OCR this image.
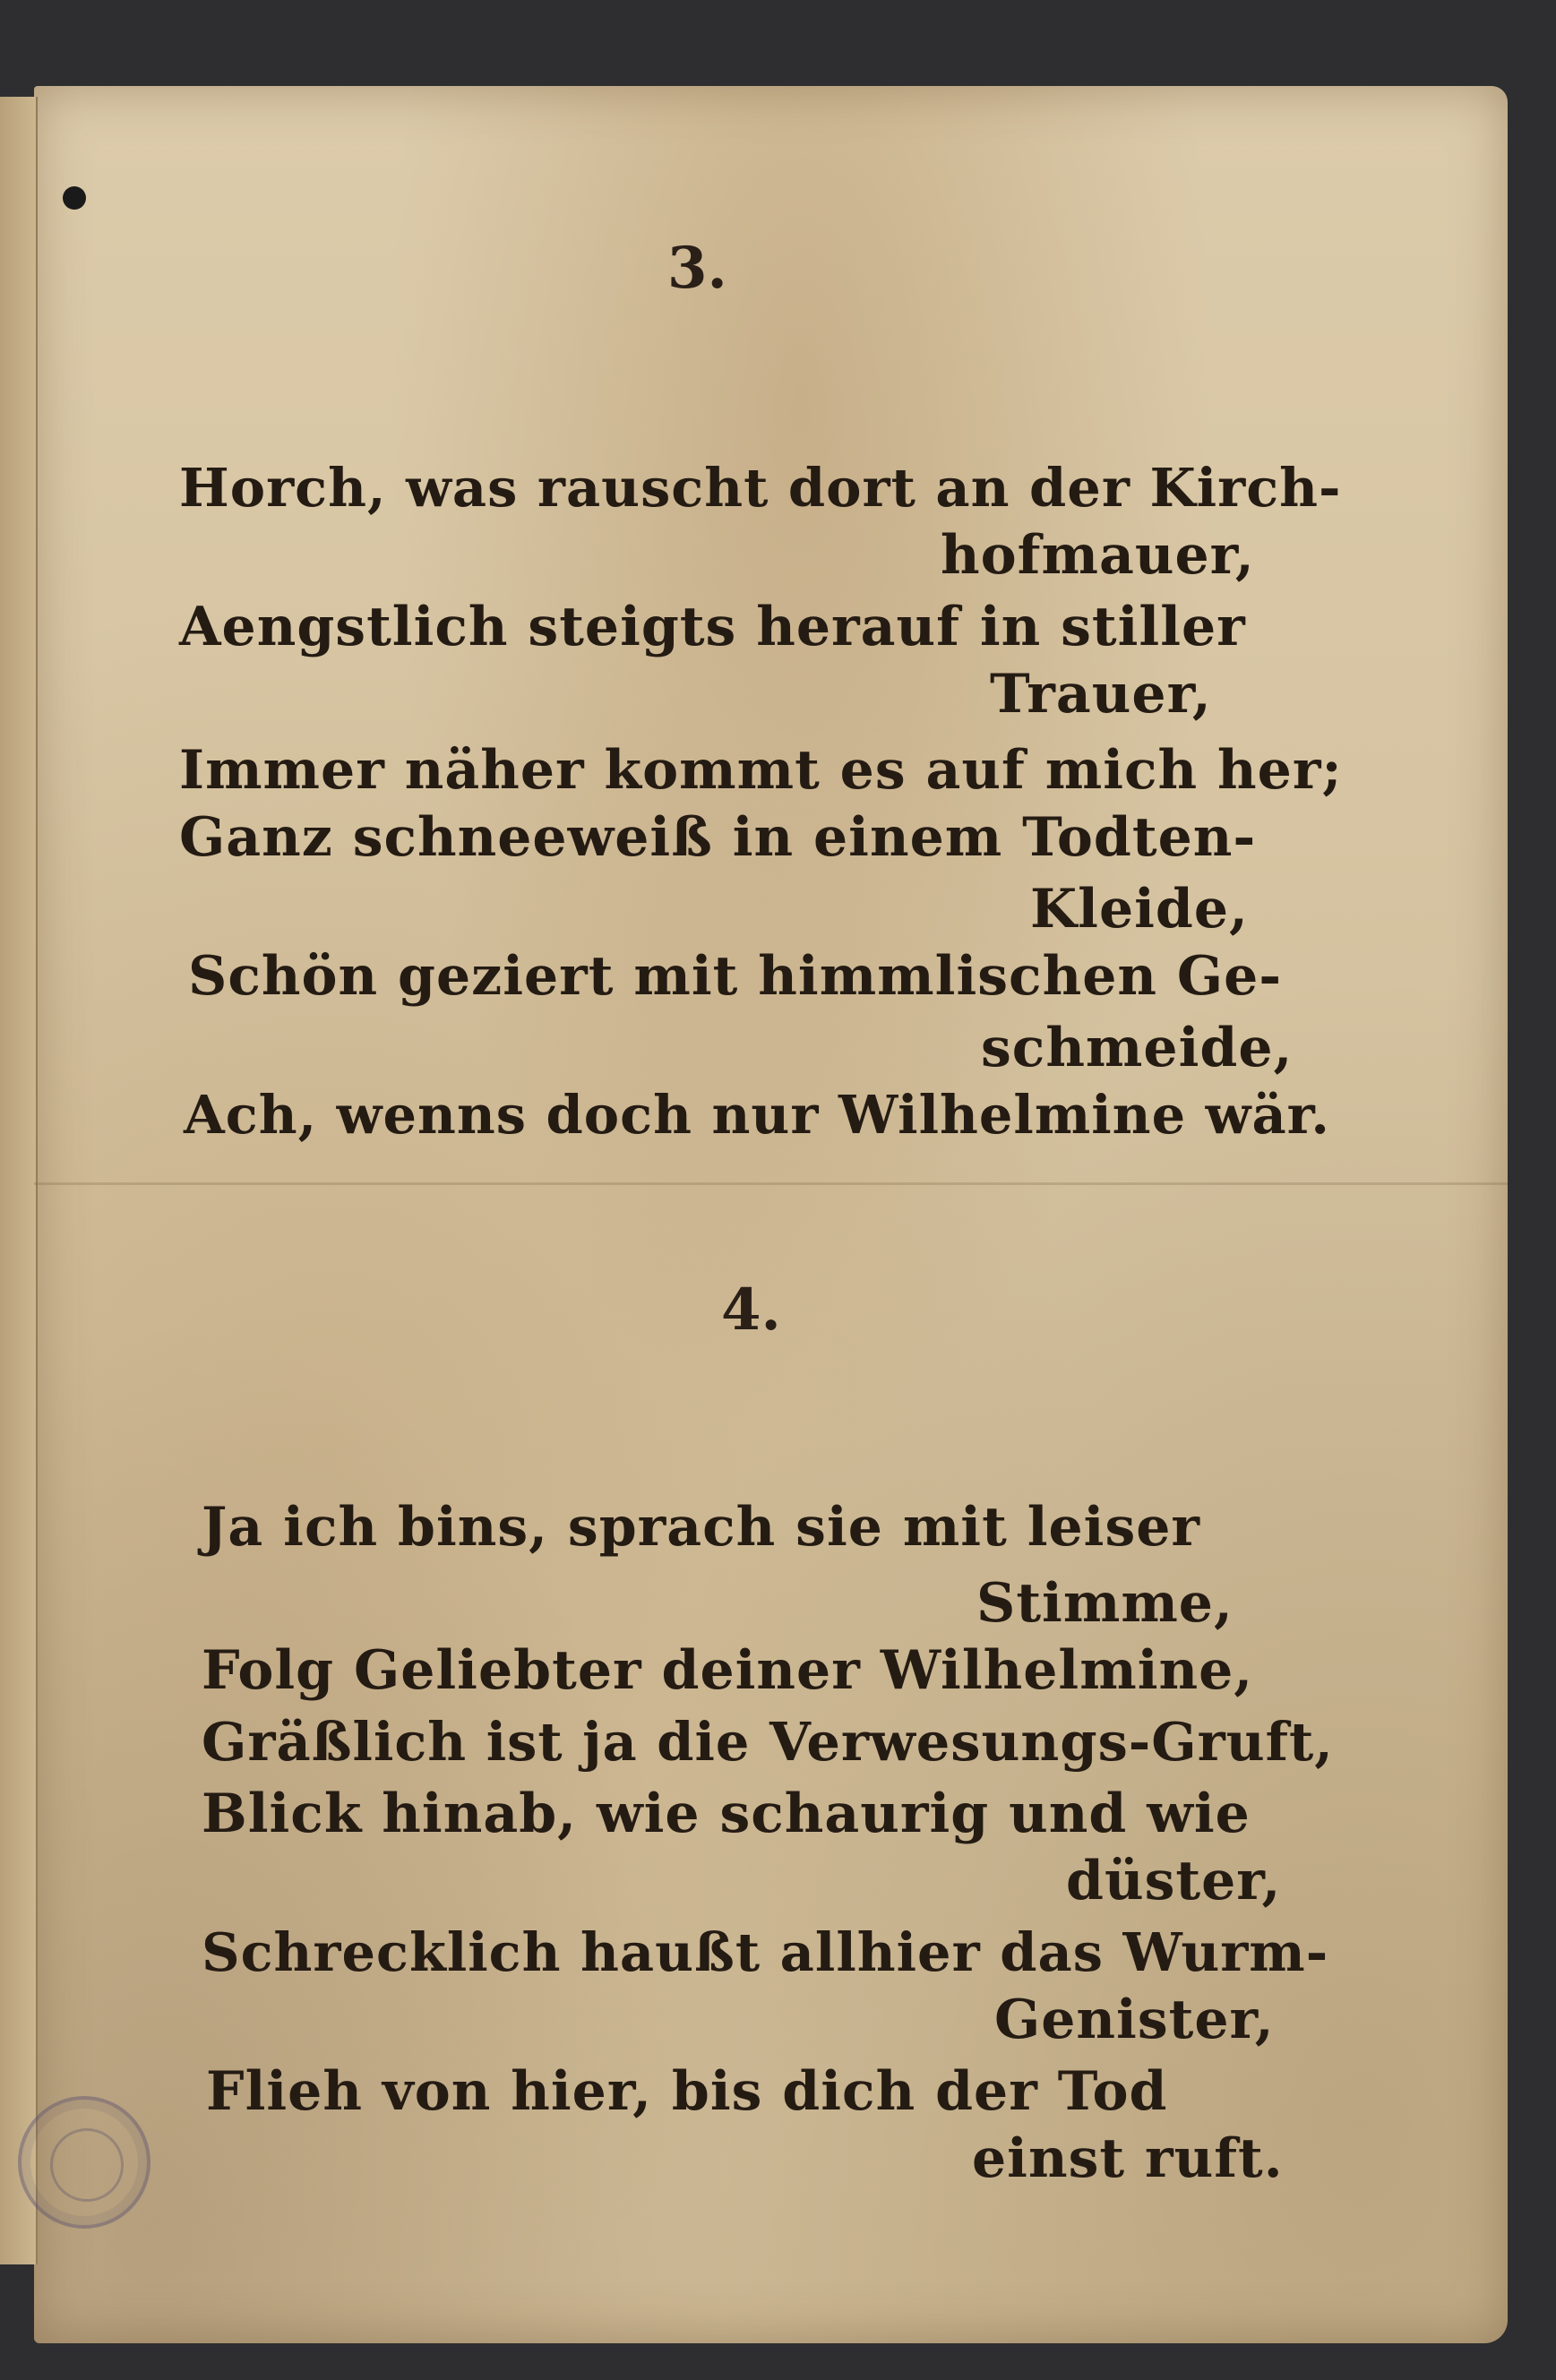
3.
Horch, was rauscht dort an der Kirch-
hofmauer,
Aengstlich steigts herauf in stiller
Trauer,
Immer näher kommt es auf mich her;
Ganz schneeweiß in einem Todten-
Kleide,
Schön geziert mit himmlischen Ge-
schmeide,
Ach, wenns doch nur Wilhelmine wär.
4.
Ja ich bins, sprach sie mit leiser
Stimme,
Folg Geliebter deiner Wilhelmine,
Gräßlich ist ja die Verwesungs-Gruft,
Blick hinab, wie schaurig und wie
düster,
Schrecklich haußt allhier das Wurm-
Genister,
Flieh von hier, bis dich der Tod
einst ruft.
